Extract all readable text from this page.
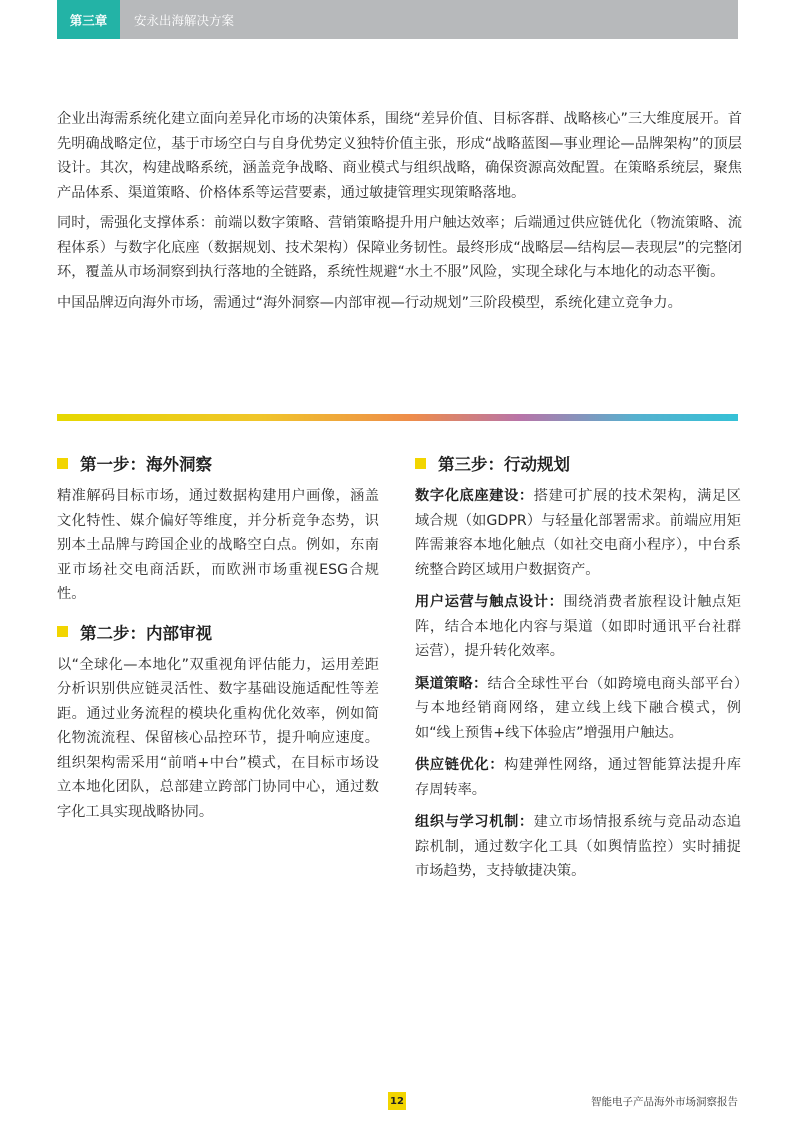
第三章	安永出海解决方案

企业出海需系统化建立面向差异化市场的决策体系，围绕“差异价值、目标客群、战略核心”三大维度展开。首先明确战略定位，基于市场空白与自身优势定义独特价值主张，形成“战略蓝图—事业理论—品牌架构”的顶层设计。其次，构建战略系统，涵盖竞争战略、商业模式与组织战略，确保资源高效配置。在策略系统层，聚焦产品体系、渠道策略、价格体系等运营要素，通过敏捷管理实现策略落地。

同时，需强化支撑体系：前端以数字策略、营销策略提升用户触达效率；后端通过供应链优化（物流策略、流程体系）与数字化底座（数据规划、技术架构）保障业务韧性。最终形成“战略层—结构层—表现层”的完整闭环，覆盖从市场洞察到执行落地的全链路，系统性规避“水土不服”风险，实现全球化与本地化的动态平衡。

中国品牌迈向海外市场，需通过“海外洞察—内部审视—行动规划”三阶段模型，系统化建立竞争力。

第一步：海外洞察

精准解码目标市场，通过数据构建用户画像，涵盖文化特性、媒介偏好等维度，并分析竞争态势，识别本土品牌与跨国企业的战略空白点。例如，东南亚市场社交电商活跃，而欧洲市场重视ESG合规性。

第二步：内部审视

以“全球化—本地化”双重视角评估能力，运用差距分析识别供应链灵活性、数字基础设施适配性等差距。通过业务流程的模块化重构优化效率，例如简化物流流程、保留核心品控环节，提升响应速度。组织架构需采用“前哨+中台”模式，在目标市场设立本地化团队，总部建立跨部门协同中心，通过数字化工具实现战略协同。

第三步：行动规划

数字化底座建设：搭建可扩展的技术架构，满足区域合规（如GDPR）与轻量化部署需求。前端应用矩阵需兼容本地化触点（如社交电商小程序），中台系统整合跨区域用户数据资产。

用户运营与触点设计：围绕消费者旅程设计触点矩阵，结合本地化内容与渠道（如即时通讯平台社群运营），提升转化效率。

渠道策略：结合全球性平台（如跨境电商头部平台）与本地经销商网络，建立线上线下融合模式，例如“线上预售+线下体验店”增强用户触达。

供应链优化：构建弹性网络，通过智能算法提升库存周转率。

组织与学习机制：建立市场情报系统与竞品动态追踪机制，通过数字化工具（如舆情监控）实时捕捉市场趋势，支持敏捷决策。

12	智能电子产品海外市场洞察报告
